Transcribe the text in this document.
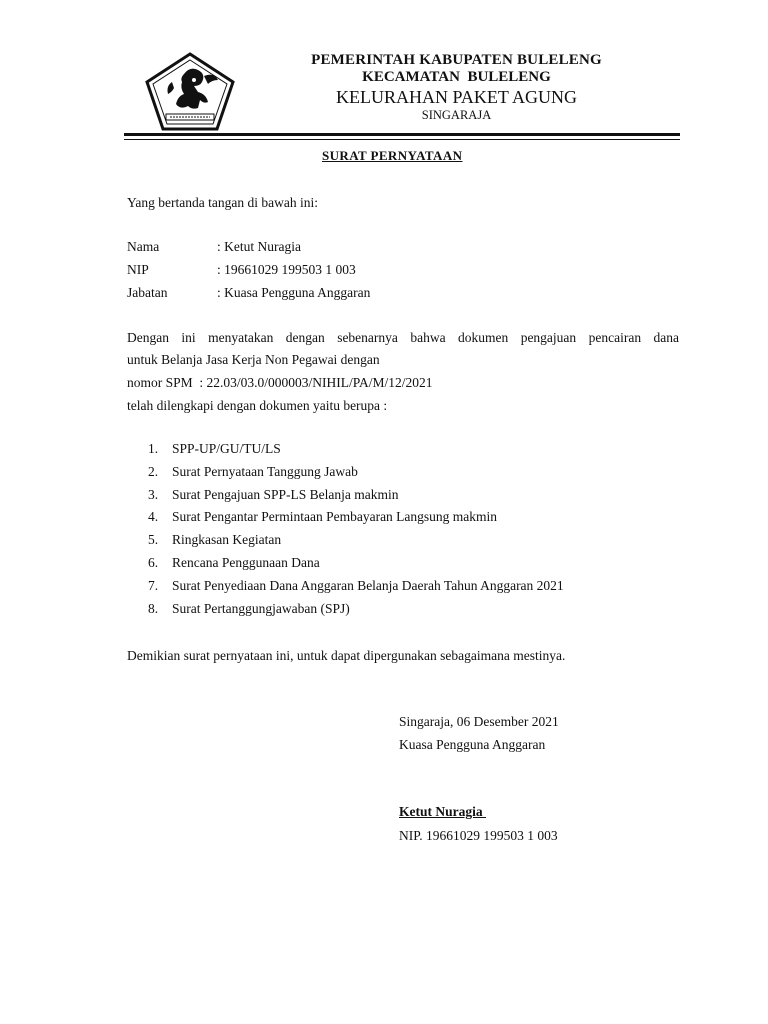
PEMERINTAH KABUPATEN BULELENG
KECAMATAN  BULELENG
KELURAHAN PAKET AGUNG
SINGARAJA
SURAT PERNYATAAN
Yang bertanda tangan di bawah ini:
Nama	: Ketut Nuragia
NIP	: 19661029 199503 1 003
Jabatan	: Kuasa Pengguna Anggaran
Dengan ini menyatakan dengan sebenarnya bahwa dokumen pengajuan pencairan dana
untuk Belanja Jasa Kerja Non Pegawai dengan
nomor SPM  : 22.03/03.0/000003/NIHIL/PA/M/12/2021
telah dilengkapi dengan dokumen yaitu berupa :
1. SPP-UP/GU/TU/LS
2. Surat Pernyataan Tanggung Jawab
3. Surat Pengajuan SPP-LS Belanja makmin
4. Surat Pengantar Permintaan Pembayaran Langsung makmin
5. Ringkasan Kegiatan
6. Rencana Penggunaan Dana
7. Surat Penyediaan Dana Anggaran Belanja Daerah Tahun Anggaran 2021
8. Surat Pertanggungjawaban (SPJ)
Demikian surat pernyataan ini, untuk dapat dipergunakan sebagaimana mestinya.
Singaraja, 06 Desember 2021
Kuasa Pengguna Anggaran
Ketut Nuragia
NIP. 19661029 199503 1 003
